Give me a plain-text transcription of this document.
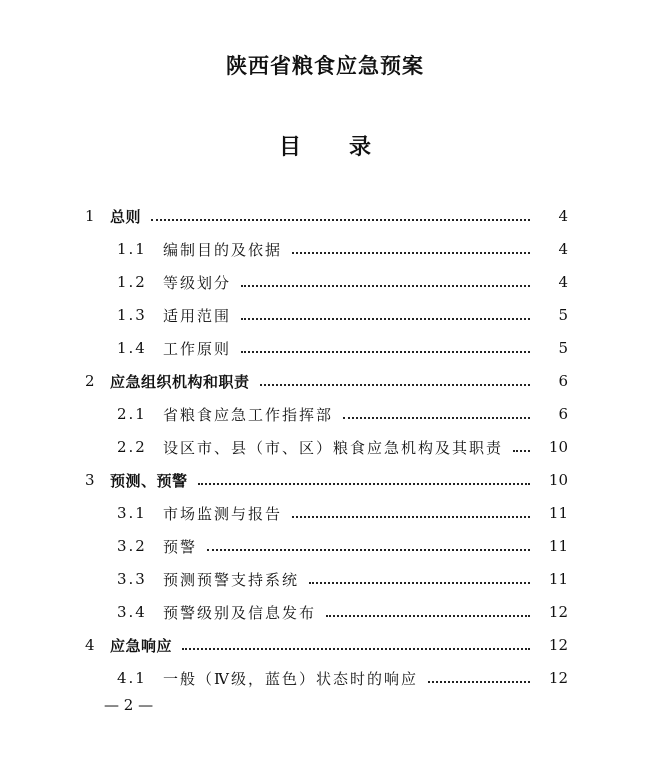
陕西省粮食应急预案
目 录
1 总则	4
1.1 编制目的及依据	4
1.2 等级划分	4
1.3 适用范围	5
1.4 工作原则	5
2 应急组织机构和职责	6
2.1 省粮食应急工作指挥部	6
2.2 设区市、县（市、区）粮食应急机构及其职责	10
3 预测、预警	10
3.1 市场监测与报告	11
3.2 预警	11
3.3 预测预警支持系统	11
3.4 预警级别及信息发布	12
4 应急响应	12
4.1 一般（Ⅳ级，蓝色）状态时的响应	12
— 2 —
